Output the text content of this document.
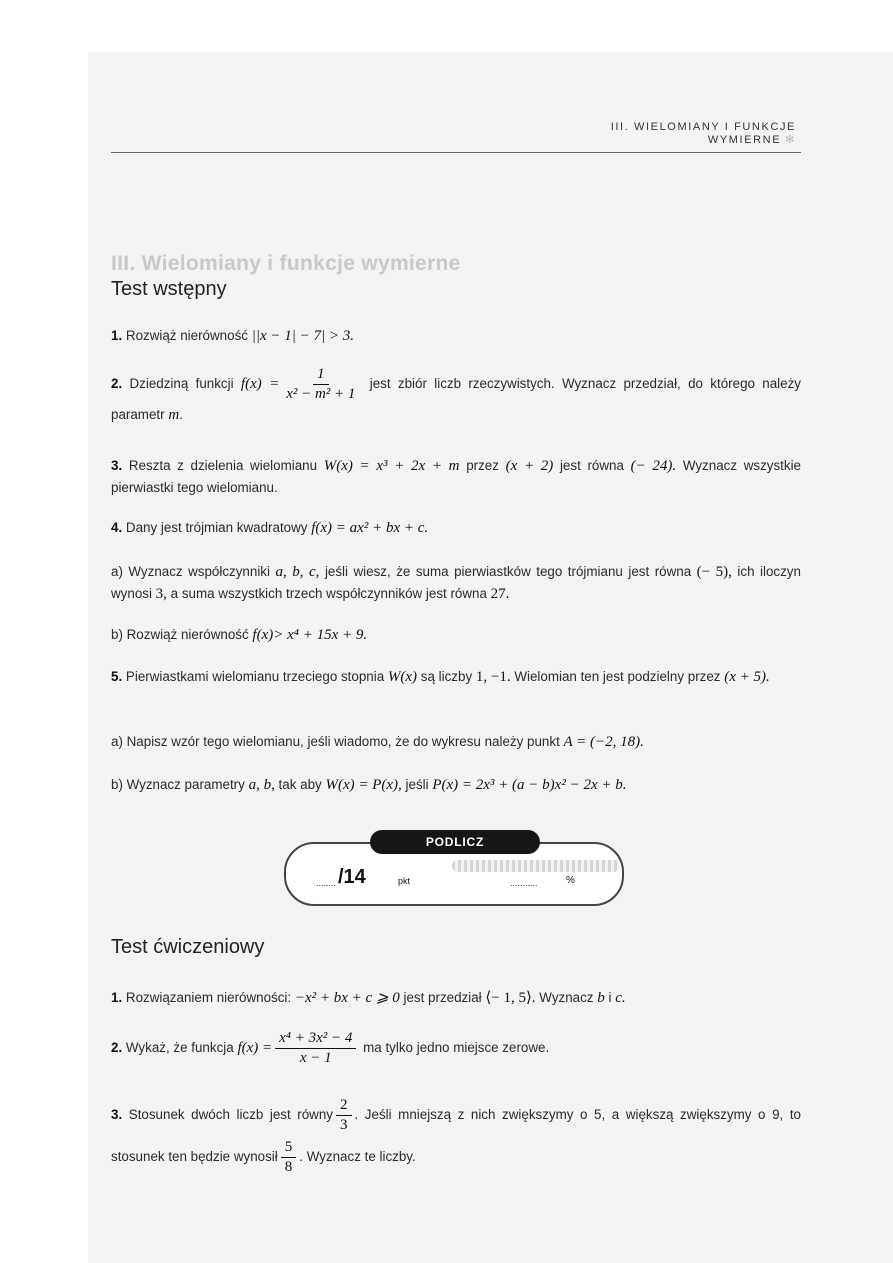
III. WIELOMIANY I FUNKCJE WYMIERNE ✻
III. Wielomiany i funkcje wymierne
Test wstępny
1. Rozwiąż nierówność ||x − 1| − 7| > 3.
2. Dziedziną funkcji $f(x) = \frac{1}{\text{x² − m² + 1}}$ jest zbiór liczb rzeczywistych. Wyznacz przedział, do którego należy parametr m.
3. Reszta z dzielenia wielomianu W(x) = x³ + 2x + m przez (x + 2) jest równa (− 24). Wyznacz wszystkie pierwiastki tego wielomianu.
4. Dany jest trójmian kwadratowy f(x) = ax² + bx + c.
a) Wyznacz współczynniki a, b, c, jeśli wiesz, że suma pierwiastków tego trójmianu jest równa (− 5), ich iloczyn wynosi 3, a suma wszystkich trzech współczynników jest równa 27.
b) Rozwiąż nierówność f(x)> x⁴ + 15x + 9.
5. Pierwiastkami wielomianu trzeciego stopnia W(x) są liczby 1, −1. Wielomian ten jest podzielny przez (x + 5).
a) Napisz wzór tego wielomianu, jeśli wiadomo, że do wykresu należy punkt A = (−2, 18).
b) Wyznacz parametry a, b, tak aby W(x) = P(x), jeśli P(x) = 2x³ + (a − b)x² − 2x + b.
PODLICZ
........ /14	pkt	...........	%
Test ćwiczeniowy
1. Rozwiązaniem nierówności: −x² + bx + c ⩾ 0 jest przedział ⟨− 1, 5⟩. Wyznacz b i c.
2. Wykaż, że funkcja $f(x) = \frac{\text{x⁴ + 3x² − 4}}{x - 1}$ ma tylko jedno miejsce zerowe.
3. Stosunek dwóch liczb jest równy $\frac{2}{3}$ . Jeśli mniejszą z nich zwiększymy o 5, a większą zwiększymy o 9, to stosunek ten będzie wynosił $\frac{5}{8}$ . Wyznacz te liczby.
